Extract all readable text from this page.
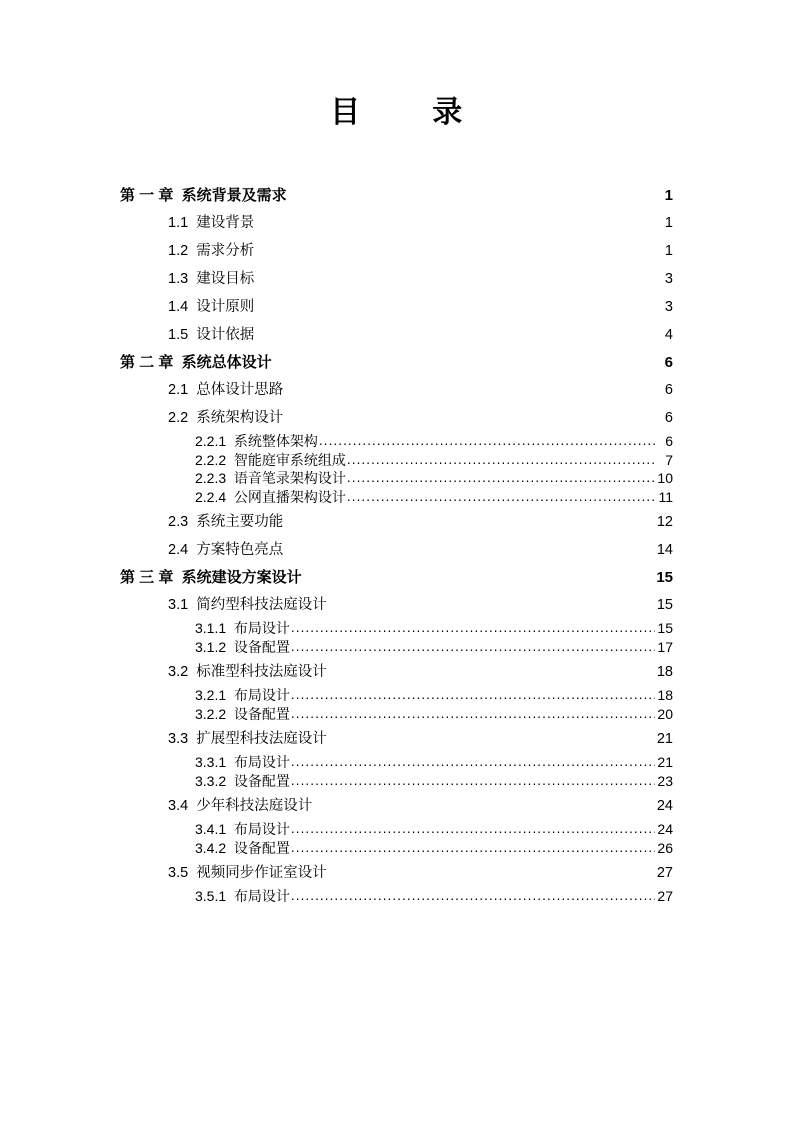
目        录
第 一 章  系统背景及需求 .....	1
1.1  建设背景 .....	1
1.2  需求分析 .....	1
1.3  建设目标 .....	3
1.4  设计原则 .....	3
1.5  设计依据 .....	4
第 二 章  系统总体设计 .....	6
2.1  总体设计思路 .....	6
2.2  系统架构设计 .....	6
2.2.1  系统整体架构 .....	6
2.2.2  智能庭审系统组成 .....	7
2.2.3  语音笔录架构设计 .....	10
2.2.4  公网直播架构设计 .....	11
2.3  系统主要功能 .....	12
2.4  方案特色亮点 .....	14
第 三 章  系统建设方案设计 .....	15
3.1  简约型科技法庭设计 .....	15
3.1.1  布局设计 .....	15
3.1.2  设备配置 .....	17
3.2  标准型科技法庭设计 .....	18
3.2.1  布局设计 .....	18
3.2.2  设备配置 .....	20
3.3  扩展型科技法庭设计 .....	21
3.3.1  布局设计 .....	21
3.3.2  设备配置 .....	23
3.4  少年科技法庭设计 .....	24
3.4.1  布局设计 .....	24
3.4.2  设备配置 .....	26
3.5  视频同步作证室设计 .....	27
3.5.1  布局设计 .....	27
